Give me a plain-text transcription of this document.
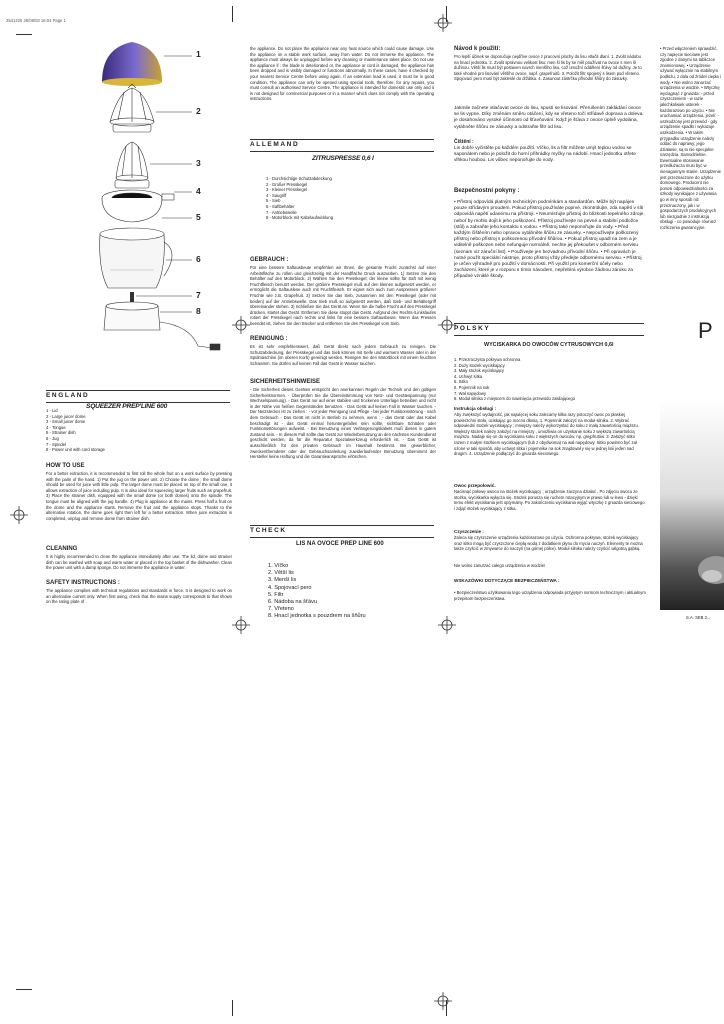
2541225 26/08/03 16:04 Page 1
1
2
3
4
5
6
7
8
ENGLAND
SQUEEZER PREP'LINE 600
1 - Lid
2 - Large juicer dome
3 - Small juicer dome
4 - Tongue
5 - Strainer dish
6 - Jug
7 - Spindel
8 - Power unit with cord storage
HOW TO USE
For a better extraction, it is recommended to first roll the whole fruit on a work surface by pressing with the palm of the hand. 1) Put the jug on the power unit. 2) Choose the dome ; the small dome should be used for juice with little pulp. The larger dome must be placed on top of the small one, it allows extraction of juice including pulp. It is also ideal for squeezing larger fruits such as grapefruit. 3) Place the strainer dish, equipped with the small dome (or both domes) onto the spindle. The tongue must be aligned with the jug handle. 4) Plug in appliance at the mains. Press half a fruit on the dome and the appliance starts. Remove the fruit and the appliance stops. Thanks to the alternative rotation, the dome goes right then left for a better extraction. When juice extraction is completed, unplug and remove dome from strainer dish.
CLEANING
It is highly recommended to clean the appliance immediately after use. The lid, dome and strainer dish can be washed with soap and warm water or placed in the top basket of the dishwasher. Clean the power unit with a damp sponge. Do not immerse the appliance in water.
SAFETY INSTRUCTIONS :
The appliance complies with technical regulations and standards in force. It is designed to work on an alternative current only. When first using, check that the mains supply corresponds to that shown on the rating plate of
the appliance. Do not place the appliance near any heat source which could cause damage. Use the appliance on a stable work surface, away from water. Do not immerse the appliance. The appliance must always be unplugged before any cleaning or maintenance takes place. Do not use the appliance if : the blade is deteriorated or, the appliance or cord is damaged, the appliance has been dropped and is visibly damaged or functions abnormally. In these cases, have it checked by your nearest Service Centre before using again. If an extension lead is used, it must be in good condition. The appliance can only be opened using special tools, therefore, for any repairs, you must consult an authorised Service Centre. The appliance is intended for domestic use only and it is not designed for commercial purposes or in a manner which does not comply with the operating instructions.
ALLEMAND
ZITRUSPRESSE 0,6 l
1 - Durchsichtige Schutzabdeckung
2 - Großer Presskegel
3 - Kleiner Presskegel
4 - Saugriff
5 - Sieb
6 - Saftbehälter
7 - Antriebswelle
8 - Motorblock mit Kabelaufwicklung
GEBRAUCH :
Für eine bessere Saftausbeute empfehlen wir Ihnen, die gesamte Frucht zunächst auf einer Arbeitsfläche zu rollen und gleichzeitig mit der Handfläche Druck auszuüben. 1) Setzen Sie den Behälter auf den Motorblock. 2) Wählen Sie den Presskegel; der kleine sollte für Saft mit wenig Fruchtfleisch benutzt werden. Der größere Presskegel muß auf den kleinen aufgesetzt werden, er ermöglicht die Saftauslese auch mit Fruchtfleisch. Er eignet sich auch zum Auspressen größerer Früchte wie z.B. Grapefruit. 3) Setzen Sie das Sieb, zusammen mit den Presskegel (oder mit beiden) auf der Antriebswelle. Das Sieb muß so aufgesetzt werden, daß Sieb- und Behältergriff übereinander stehen. 3) Schließen Sie das Gerät an. Wenn Sie die halbe Frucht auf den Presskegel drücken, startet das Gerät. Entfernen Sie diese stoppt das Gerät. Aufgrund des Rechts-/Linkslaufes rotiert der Presskegel nach rechts und links für eine bessere Saftausbeute. Wenn das Pressen beendet ist, ziehen Sie den Stecker und entfernen Sie den Presskegel vom Sieb.
REINIGUNG :
Es ist sehr empfehlenswert, daß Gerät direkt nach jedem Gebrauch zu reinigen. Die Schutzabdeckung, der Presskegel und das Sieb können mit Seife und warmem Wasser oder in der Spülmaschine (im oberen Korb) gereinigt werden. Reinigen Sie den Motorblock mit einem feuchten Schwamm. Sie dürfen auf keinen Fall das Gerät in Wasser tauchen.
SICHERHEITSHINWEISE
- Die Sicherheit dieses Gerätes entspricht den anerkannten Regeln der Technik und den gültigen Sicherheitsnormen. - Überprüfen Sie die Übereinstimmung von Netz- und Gerätespannung (nur Wechselspannung). - Das Gerät nur auf einer stabilen und trockenen Unterlage betreiben und nicht in der Nähe von heißen Gegenständen benutzen. - Das Gerät auf keinen Fall in Wasser tauchen. - Der Netzstecker ist zu ziehen : - vor jeder Reinigung und Pflege - bei jeder Funktionsstörung - nach dem Gebrauch - Das Gerät ist nicht in Betrieb zu nehmen, wenn : - das Gerät oder das Kabel beschädigt ist - das Gerät einmal heruntergefallen sein sollte, sichtbare Schäden oder Funktionsstörungen aufweist. - Bei Benutzung eines Verlängerungskabels muß dieses in gutem Zustand sein. - In diesem Fall sollte das Gerät zur Wiederbenutzung an den nächsten Kundendienst geschickt werden, da für die Reparatur Spezialwerkzeug erforderlich ist. - Das Gerät ist ausschließlich für den privaten Gebrauch im Haushalt bestimmt. Bei gewerblicher, zweckentfremdeter oder der Gebrauchsanleitung zuwiderlaufender Benutzung übernimmt der Hersteller keine Haftung und die Garantieansprüche erlöschen.
TCHECK
LIS NA OVOCE PREP LINE 600
1. Víčko
2. Větší lis
3. Menší lis
4. Spojovací pero
5. Filtr
6. Nádoba na šťávu
7. Vřeteno
8. Hnací jednotka s pouzdrem na šňůru
Návod k použití:
Pro lepší účinek se doporučuje nejdříve ovoce z pracovní plochy do lisu vtlačit dlaní. 1. Zvolit nádobu na hnací jednotku. 2. Zvolit správnou velikost lisu: men ší lis by se měl používat na ovoce s men ší dužinou. Větší lis musí být postaven navrch menšího lisu, což umožní oddělení šťávy od dužiny. Je to také vhodné pro lisování většího ovoce, např. grapefruitů. 3. Položit filtr spojený s lisem pod vřeteno. Spojovací pero musí být zakleslé do držátka. 4. Zasunout zástrčku přívodní šňůry do zásuvky.
Jakmile začnete vtlačovat ovoce do lisu, spustí se lisování. Přerušením zakládání ovoce se lis vypne. Díky změnám směru otáčení, kdy se vřeteno točí střídavě doprava a doleva, je dosahováno vysoké účinnosti od šťavňování. Když je šťáva z ovoce úplně vydolána, vytáhněte šňůru ze zásuvky a odstraňte filtr od lisu.
Čištění :
Lis dobře vyčistěte po každém použití. Víčko, lis a filtr můžete umýt teplou vodou se saponátem nebo je položit do horní přihrádky myčky na nádobí. Hnací jednotku otřete vlhkou houbou. Lis vůbec neponořujte do vody.
Bezpečnostní pokyny :
• Přístroj odpovídá platným technickým podmínkám a standardům. Může být napájen pouze střídavým proudem. Pokud přístroj používáte poprvé, zkontrolujte, zda napětí v síti odpovídá napětí udanému na přístroji. • Neumísťujte přístroj do blízkosti tepelného zdroje, neboť by mohlo dojít k jeho poškození. Přístroj používejte na pevné a stabilní podložce (stůl) a zabraňte jeho kontaktu s vodou. • Přístroj také neponořujte do vody. • Před každým čištěním nebo opravou vytáhněte šňůru ze zásuvky. • Nepoužívejte poškozený přístroj nebo přístroj s poškozenou přívodní šňůrou. • Pokud přístroj upadl na zem a je viditelně poškozen nebo nefunguje normálně, nechte jej překoušet v odborném servisu (seznam viz záruční list). • Používejte jen bezvadnou přívodní šňůru. • Při opravách je nutné použít speciální nástroje, proto přístroj vždy předejte odbornému servisu. • Přístroj je určen výhradně pro použití v domácnosti. Při využití pro komerční účely nebo zacházení, které je v rozporu s tímto návodem, nepřebírá výrobce žádnou záruku za případné vzniklé škody.
POLSKY
WYCISKARKA DO OWOCÓW CYTRUSOWYCH 0,6l
1. Przezroczysta pokrywa ochronna
2. Duży stożek wyciskający
3. Mały stożek wyciskający
4. Uchwyt sitka
5. Sitko
6. Pojemnik na sok
7. Wał napędowy
8. Moduł silnika z miejscem do nawinięcia przewodu zasilającego
Instrukcja obsługi :
Aby zwiększyć wydajność, jak najwięcej soku zalecamy kilka razy potoczyć owoc po płaskiej powierzchni stołu, uciskając go mocno dłonią. 1. Pojemnik założyć na moduł silnika. 2. Wybrać odpowiedni stożek wyciskający ; mniejszy należy wykorzystać do soku z małą zawartością miąższu. Większy stożek należy założyć na mniejszy , umożliwia on uzyskanie soku z większą zawartością miąższu. Nadaje się on do wyciskania soku z większych owoców, np. grejpfrutów. 3. Założyć sitko razem z małym stożkiem wyciskającym (lub z obydwoma) na wał napędowy. Sitko powinno być zał ożone w taki sposób, aby uchwyt sitka i pojemnika na sok znajdował y się w jednej linii jeden nad drugim. 4. Urządzenie podłączyć do gniazda sieciowego.
Owoc przepołowić.
Nacisnąć połowę owocu na stożek wyciskający ; urządzenie zaczyna działać . Po zdjęciu owocu ze stożka, wyciskarka wyłącza się. Stożek porusza się ruchem rotacyjnym w prawo lub w lewo - dzięki temu efekt wyciskania jest optymalny. Po zakończeniu wyciskania wyjąć wtyczkę z gniazda sieciowego i zdjąć stożek wyciskający z sitka.
Czyszczenie :
Zaleca się czyszczenie urządzenia każdorazowo po użyciu. Ochronna pokrywa, stożek wyciskający oraz sitko mogą być czyszczone ciepłą wodą z dodatkiem płynu do mycia naczyń. Elementy te można także czyścić w zmywarce do naczyń (na górnej półce). Moduł silnika należy czyścić wilgotną gąbką.
Nie wolno zanurzać całego urządzenia w wodzie!
WSKAZÓWKI DOTYCZĄCE BEZPIECZEŃSTWA :
• Bezpieczeństwo użytkowania tego urządzenia odpowiada przyjętym normom technicznym i aktualnym przepisom bezpieczeństwa.
• Przed włączeniem sprawdzić, czy napięcie sieciowe jest zgodne z danymi na tabliczce znamionowej. • Urządzenie używać wyłącznie na stabilnym podłożu, z dala od źródeł ciepła i wody. • Nie wolno zanurzać urządzenia w wodzie. • Wtyczkę wyciągnąć z gniazda: - przed czyszczeniem - w razie jakichkolwiek usterek - każdorazowo po użyciu. • Nie uruchamiać urządzenia, jeżeli: - uszkodzony jest przewód - gdy urządzenie spadło i wykazuje uszkodzenia. • W takim przypadku urządzenie należy oddać do naprawy; jego działanie, są to nie specjalne narzędzia. Samodzielnie. Ewentualne stosowanie przedłużacza musi być w nienagannym stanie. Urządzenie jest przeznaczone do użytku domowego. Producent nie ponosi odpowiedzialności za szkody wynikające z używania go w inny sposób niż przeznaczony, jak i w gospodarczych produkcyjnych lub niezgodnie z instrukcją obsługi - co powoduje również rozliczenia gwarancyjne.
P
S.A. SEB 2...
